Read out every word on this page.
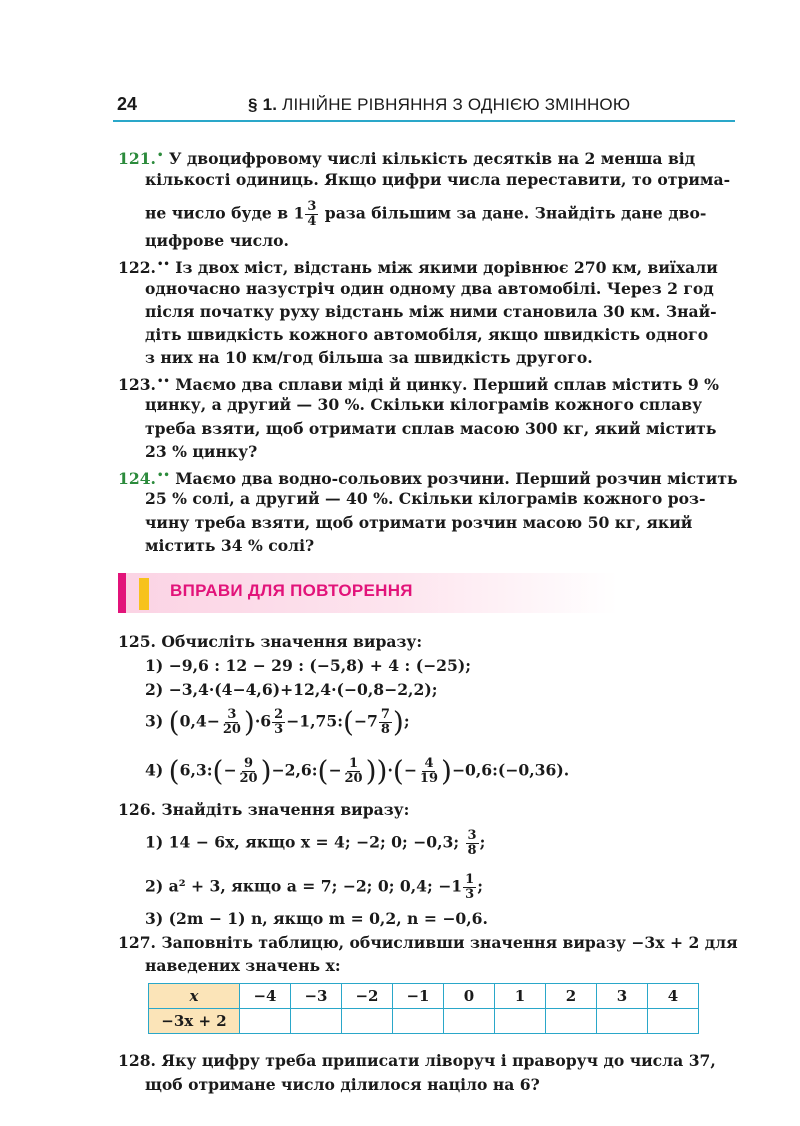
24	§ 1. ЛІНІЙНЕ РІВНЯННЯ З ОДНІЄЮ ЗМІННОЮ
121.• У двоцифровому числі кількість десятків на 2 менша від
кількості одиниць. Якщо цифри числа переставити, то отрима-
не число буде в $1 \frac{3}{4}$ раза більшим за дане. Знайдіть дане дво-
цифрове число.
122.•• Із двох міст, відстань між якими дорівнює 270 км, виїхали
одночасно назустріч один одному два автомобілі. Через 2 год
після початку руху відстань між ними становила 30 км. Знай-
діть швидкість кожного автомобіля, якщо швидкість одного
з них на 10 км/год більша за швидкість другого.
123.•• Маємо два сплави міді й цинку. Перший сплав містить 9 %
цинку, а другий — 30 %. Скільки кілограмів кожного сплаву
треба взяти, щоб отримати сплав масою 300 кг, який містить
23 % цинку?
124.•• Маємо два водно-сольових розчини. Перший розчин містить
25 % солі, а другий — 40 %. Скільки кілограмів кожного роз-
чину треба взяти, щоб отримати розчин масою 50 кг, який
містить 34 % солі?
ВПРАВИ ДЛЯ ПОВТОРЕННЯ
125. Обчисліть значення виразу:
1) −9,6 : 12 − 29 : (−5,8) + 4 : (−25);
2) −3,4·(4−4,6)+12,4·(−0,8−2,2);
3) $(0,4- \frac{3}{20} )\cdot 6 \frac{2}{3}$ −1,75:(−7 $\frac{7}{8}$ );
4) (6,3:(− $\frac{9}{20}$ )−2,6:(− $\frac{1}{20}$ ))·(− $\frac{4}{19}$ )−0,6:(−0,36).
126. Знайдіть значення виразу:
1) 14 − 6x, якщо x = 4; −2; 0; −0,3; $\frac{3}{8}$ ;
2) a² + 3, якщо a = 7; −2; 0; 0,4; $-1 \frac{1}{3}$ ;
3) (2m − 1) n, якщо m = 0,2, n = −0,6.
127. Заповніть таблицю, обчисливши значення виразу −3x + 2 для
наведених значень x:
x	−4	−3	−2	−1	0	1	2	3	4
−3x + 2									
128. Яку цифру треба приписати ліворуч і праворуч до числа 37,
щоб отримане число ділилося націло на 6?
